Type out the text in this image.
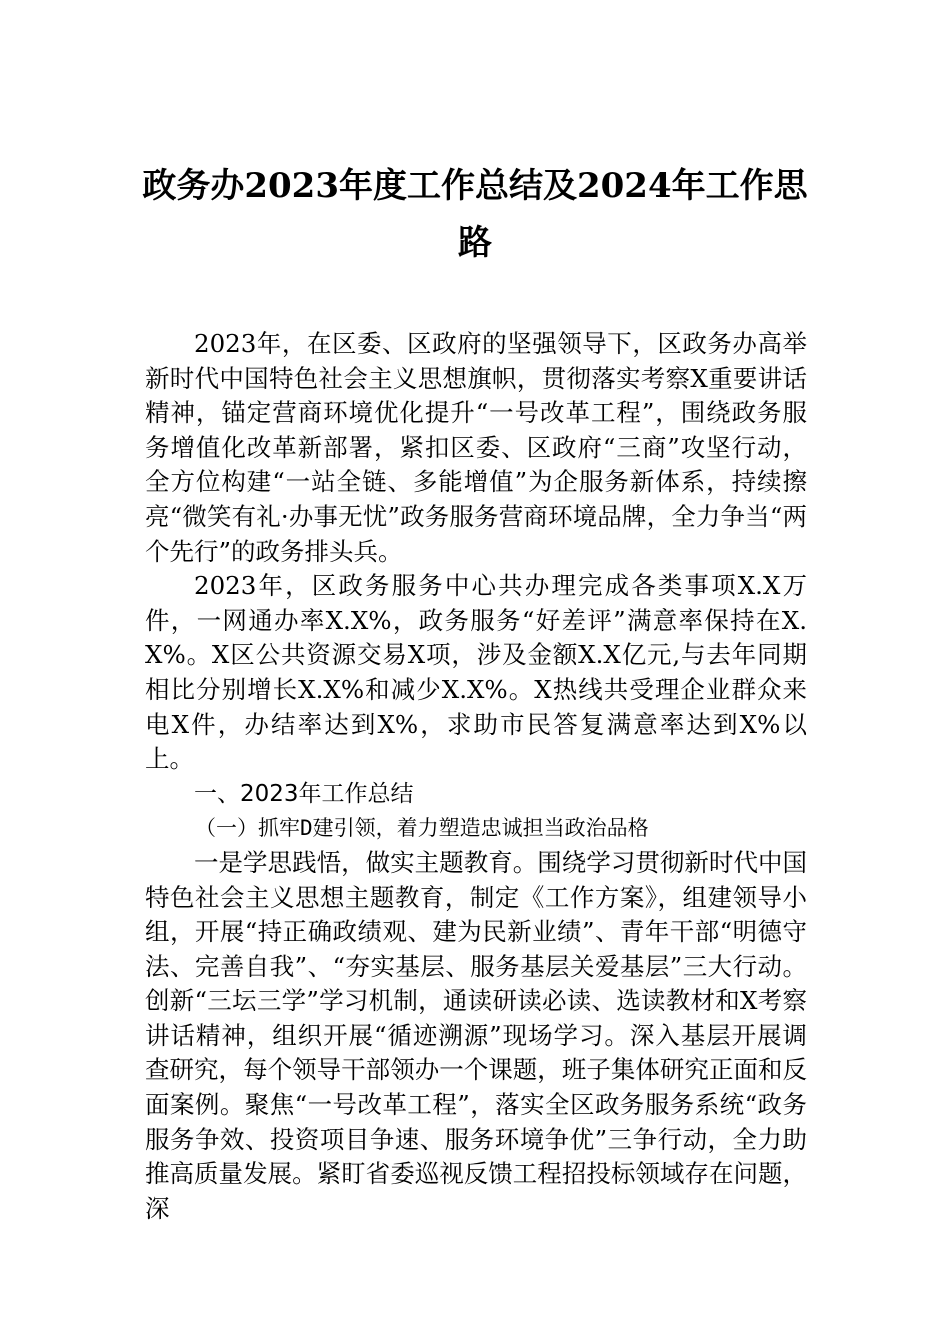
政务办2023年度工作总结及2024年工作思路

2023年，在区委、区政府的坚强领导下，区政务办高举新时代中国特色社会主义思想旗帜，贯彻落实考察X重要讲话精神，锚定营商环境优化提升“一号改革工程”，围绕政务服务增值化改革新部署，紧扣区委、区政府“三商”攻坚行动，全方位构建“一站全链、多能增值”为企服务新体系，持续擦亮“微笑有礼·办事无忧”政务服务营商环境品牌，全力争当“两个先行”的政务排头兵。

2023年，区政务服务中心共办理完成各类事项X.X万件，一网通办率X.X%，政务服务“好差评”满意率保持在X.X%。X区公共资源交易X项，涉及金额X.X亿元,与去年同期相比分别增长X.X%和减少X.X%。X热线共受理企业群众来电X件，办结率达到X%，求助市民答复满意率达到X%以上。

一、2023年工作总结

（一）抓牢D建引领，着力塑造忠诚担当政治品格

一是学思践悟，做实主题教育。围绕学习贯彻新时代中国特色社会主义思想主题教育，制定《工作方案》，组建领导小组，开展“持正确政绩观、建为民新业绩”、青年干部“明德守法、完善自我”、“夯实基层、服务基层关爱基层”三大行动。创新“三坛三学”学习机制，通读研读必读、选读教材和X考察讲话精神，组织开展“循迹溯源”现场学习。深入基层开展调查研究，每个领导干部领办一个课题，班子集体研究正面和反面案例。聚焦“一号改革工程”，落实全区政务服务系统“政务服务争效、投资项目争速、服务环境争优”三争行动，全力助推高质量发展。紧盯省委巡视反馈工程招投标领域存在问题，深
